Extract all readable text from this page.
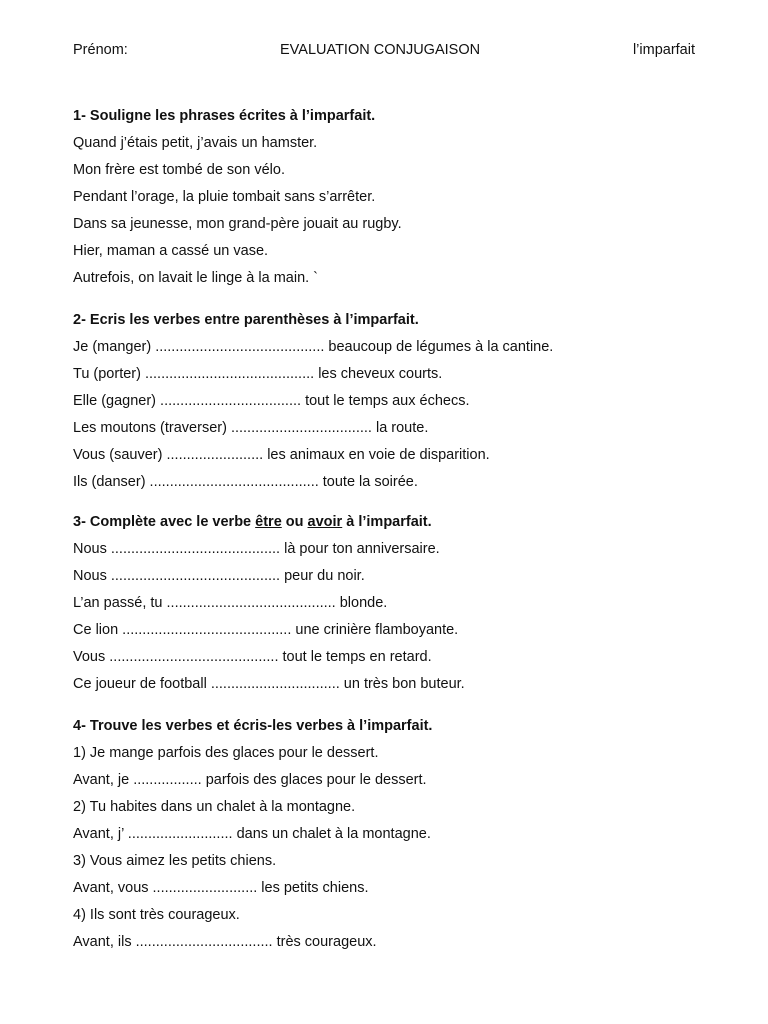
Prénom:	EVALUATION CONJUGAISON	l’imparfait
1- Souligne les phrases écrites à l’imparfait.
Quand j’étais petit, j’avais un hamster.
Mon frère est tombé de son vélo.
Pendant l’orage, la pluie tombait sans s’arrêter.
Dans sa jeunesse, mon grand-père jouait au rugby.
Hier, maman a cassé un vase.
Autrefois, on lavait le linge à la main. `
2- Ecris les verbes entre parenthèses à l’imparfait.
Je (manger) .......................................... beaucoup de légumes à la cantine.
Tu (porter) .......................................... les cheveux courts.
Elle (gagner) ................................... tout le temps aux échecs.
Les moutons (traverser) ................................... la route.
Vous (sauver) ........................ les animaux en voie de disparition.
Ils (danser) .......................................... toute la soirée.
3- Complète avec le verbe être ou avoir à l’imparfait.
Nous .......................................... là pour ton anniversaire.
Nous .......................................... peur du noir.
L’an passé, tu .......................................... blonde.
Ce lion .......................................... une crinière flamboyante.
Vous .......................................... tout le temps en retard.
Ce joueur de football ................................ un très bon buteur.
4- Trouve les verbes et écris-les verbes à l’imparfait.
1) Je mange parfois des glaces pour le dessert.
Avant, je ................. parfois des glaces pour le dessert.
2) Tu habites dans un chalet à la montagne.
Avant, j’ .......................... dans un chalet à la montagne.
3) Vous aimez les petits chiens.
Avant, vous .......................... les petits chiens.
4) Ils sont très courageux.
Avant, ils .................................. très courageux.
